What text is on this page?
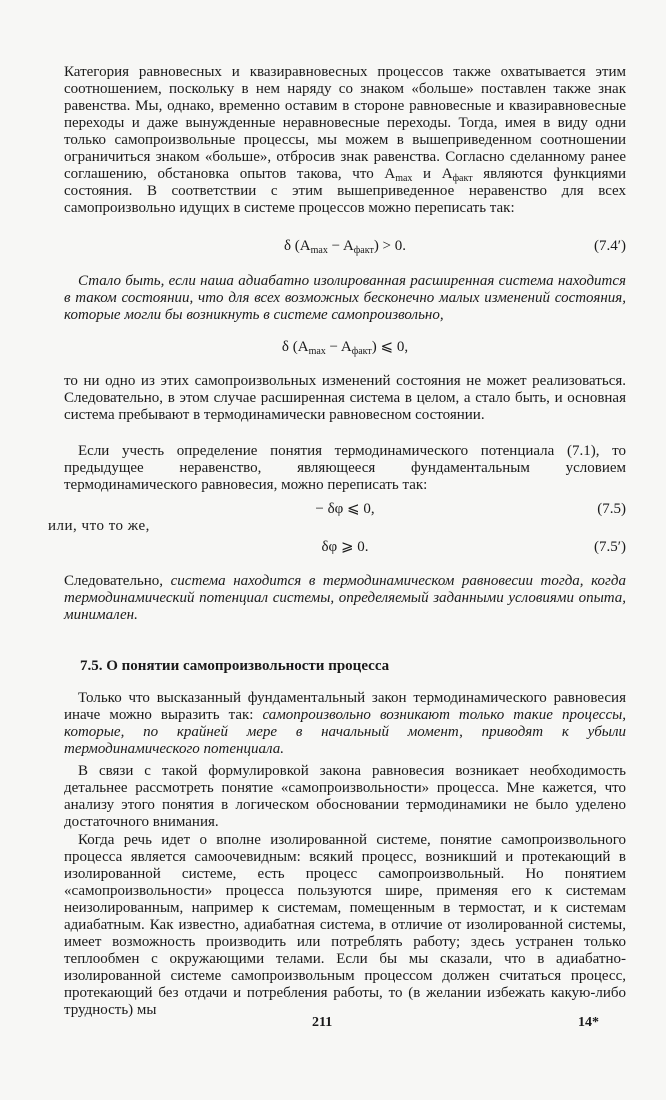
Категория равновесных и квазиравновесных процессов также охватывается этим соотношением, поскольку в нем наряду со знаком «больше» поставлен также знак равенства. Мы, однако, временно оставим в стороне равновесные и квазиравновесные переходы и даже вынужденные неравновесные переходы. Тогда, имея в виду одни только самопроизвольные процессы, мы можем в вышеприведенном соотношении ограничиться знаком «больше», отбросив знак равенства. Согласно сделанному ранее соглашению, обстановка опытов такова, что $A_{max}$ и $A_{факт}$ являются функциями состояния. В соответствии с этим вышеприведенное неравенство для всех самопроизвольно идущих в системе процессов можно переписать так:

δ $(A_{max} - A_{факт}) > 0$.	(7.4′)

Стало быть, если наша адиабатно изолированная расширенная система находится в таком состоянии, что для всех возможных бесконечно малых изменений состояния, которые могли бы возникнуть в системе самопроизвольно,

δ $(A_{max} - A_{факт})$ ⩽ 0,

то ни одно из этих самопроизвольных изменений состояния не может реализоваться. Следовательно, в этом случае расширенная система в целом, а стало быть, и основная система пребывают в термодинамически равновесном состоянии.

Если учесть определение понятия термодинамического потенциала (7.1), то предыдущее неравенство, являющееся фундаментальным условием термодинамического равновесия, можно переписать так:

− δφ ⩽ 0,	(7.5)
или, что то же,
δφ ⩾ 0.	(7.5′)

Следовательно, система находится в термодинамическом равновесии тогда, когда термодинамический потенциал системы, определяемый заданными условиями опыта, минимален.

7.5. О понятии самопроизвольности процесса

Только что высказанный фундаментальный закон термодинамического равновесия иначе можно выразить так: самопроизвольно возникают только такие процессы, которые, по крайней мере в начальный момент, приводят к убыли термодинамического потенциала.

В связи с такой формулировкой закона равновесия возникает необходимость детальнее рассмотреть понятие «самопроизвольности» процесса. Мне кажется, что анализу этого понятия в логическом обосновании термодинамики не было уделено достаточного внимания.

Когда речь идет о вполне изолированной системе, понятие самопроизвольного процесса является самоочевидным: всякий процесс, возникший и протекающий в изолированной системе, есть процесс самопроизвольный. Но понятием «самопроизвольности» процесса пользуются шире, применяя его к системам неизолированным, например к системам, помещенным в термостат, и к системам адиабатным. Как известно, адиабатная система, в отличие от изолированной системы, имеет возможность производить или потреблять работу; здесь устранен только теплообмен с окружающими телами. Если бы мы сказали, что в адиабатно-изолированной системе самопроизвольным процессом должен считаться процесс, протекающий без отдачи и потребления работы, то (в желании избежать какую-либо трудность) мы

211	14*
